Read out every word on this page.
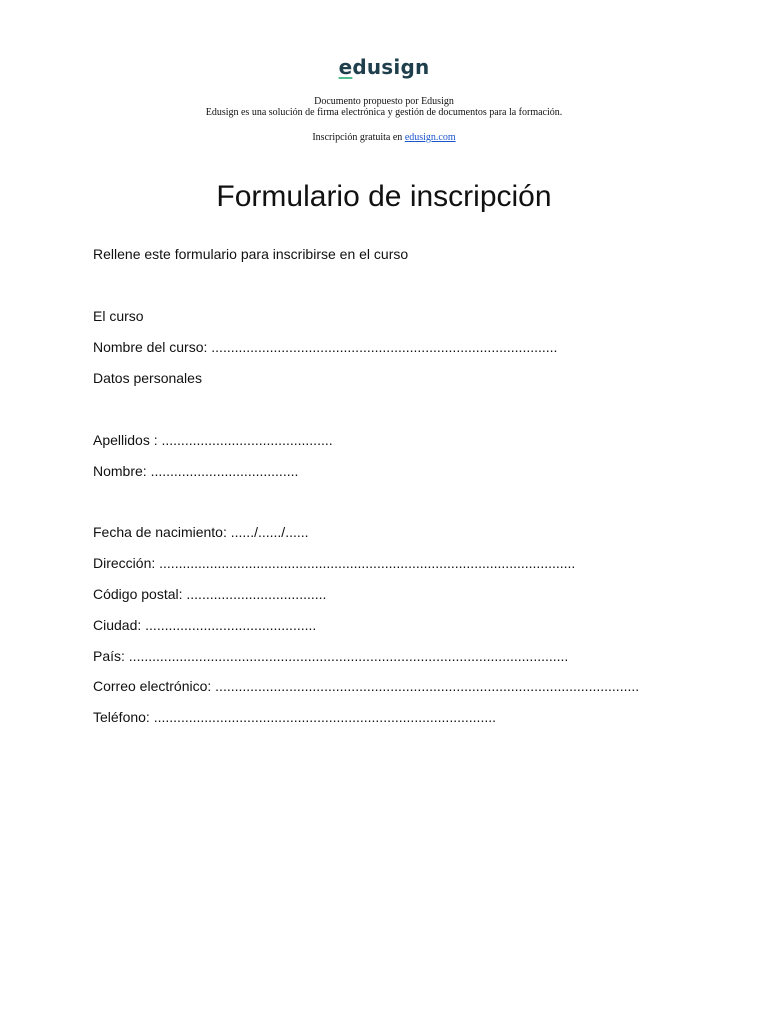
edusign
Documento propuesto por Edusign
Edusign es una solución de firma electrónica y gestión de documentos para la formación.
Inscripción gratuita en edusign.com
Formulario de inscripción
Rellene este formulario para inscribirse en el curso
El curso
Nombre del curso: .........................................................................................
Datos personales
Apellidos : ............................................
Nombre: ......................................
Fecha de nacimiento: ....../....../......
Dirección: ...........................................................................................................
Código postal: ....................................
Ciudad: ............................................
País: .................................................................................................................
Correo electrónico: .............................................................................................................
Teléfono: ........................................................................................
